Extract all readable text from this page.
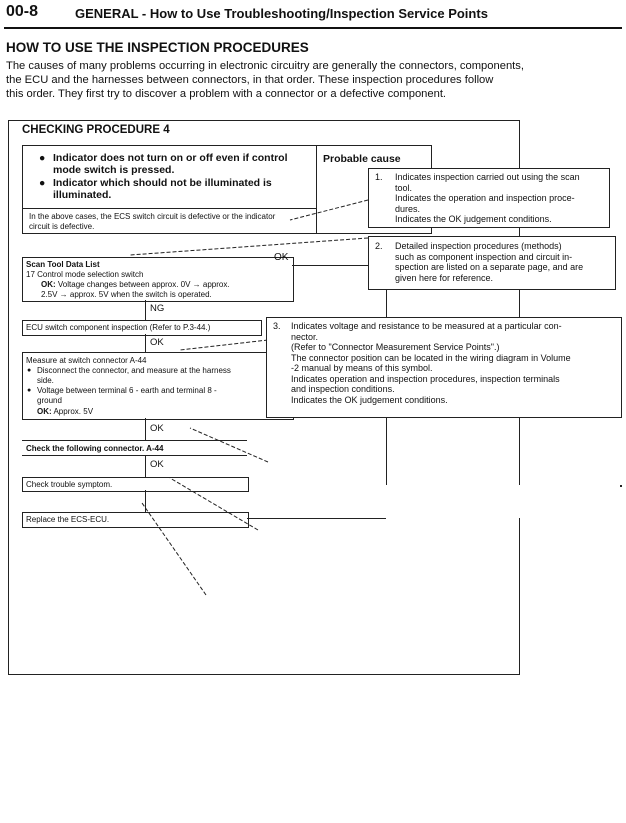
00-8	GENERAL - How to Use Troubleshooting/Inspection Service Points
HOW TO USE THE INSPECTION PROCEDURES
The causes of many problems occurring in electronic circuitry are generally the connectors, components,
the ECU and the harnesses between connectors, in that order. These inspection procedures follow
this order. They first try to discover a problem with a connector or a defective component.
CHECKING PROCEDURE 4
● Indicator does not turn on or off even if control
mode switch is pressed.
● Indicator which should not be illuminated is
illuminated.
Probable cause
In the above cases, the ECS switch circuit is defective or the indicator
circuit is defective.
Scan Tool Data List
17 Control mode selection switch
OK: Voltage changes between approx. 0V → approx.
2.5V → approx. 5V when the switch is operated.
OK
NG
ECU switch component inspection (Refer to P.3-44.)
OK
Measure at switch connector A-44
● Disconnect the connector, and measure at the harness
side.
● Voltage between terminal 6 - earth and terminal 8 -
ground
OK: Approx. 5V
OK
Check the following connector. A-44
OK
Check trouble symptom.
Replace the ECS-ECU.
1. Indicates inspection carried out using the scan
tool.
Indicates the operation and inspection proce-
dures.
Indicates the OK judgement conditions.
2. Detailed inspection procedures (methods)
such as component inspection and circuit in-
spection are listed on a separate page, and are
given here for reference.
3. Indicates voltage and resistance to be measured at a particular con-
nector.
(Refer to "Connector Measurement Service Points".)
The connector position can be located in the wiring diagram in Volume
-2 manual by means of this symbol.
Indicates operation and inspection procedures, inspection terminals
and inspection conditions.
Indicates the OK judgement conditions.
